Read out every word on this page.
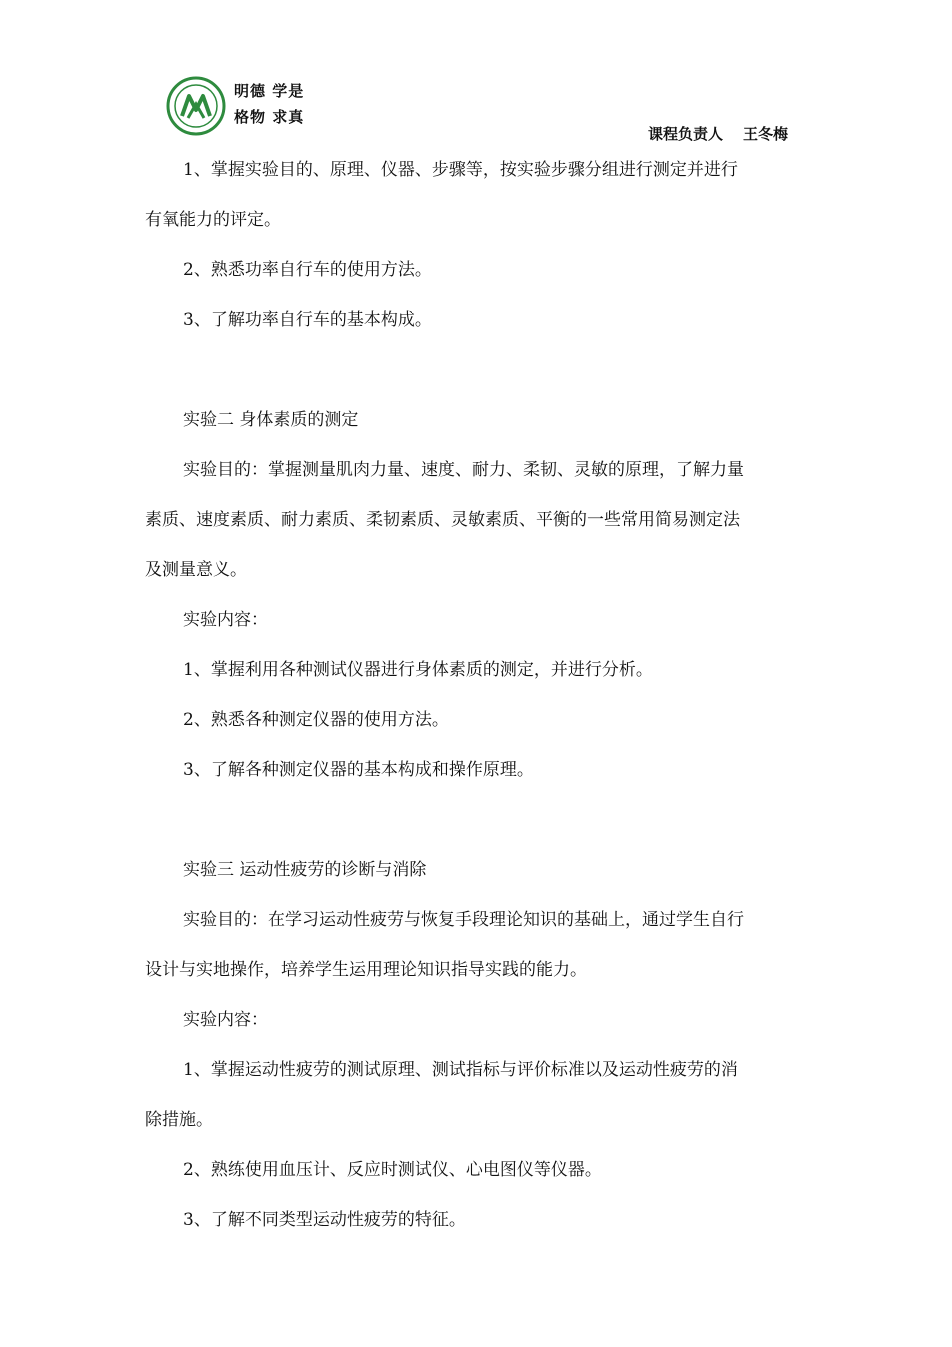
明德 学是
格物 求真
课程负责人 王冬梅
1、掌握实验目的、原理、仪器、步骤等，按实验步骤分组进行测定并进行
有氧能力的评定。
2、熟悉功率自行车的使用方法。
3、了解功率自行车的基本构成。
实验二 身体素质的测定
实验目的：掌握测量肌肉力量、速度、耐力、柔韧、灵敏的原理，了解力量
素质、速度素质、耐力素质、柔韧素质、灵敏素质、平衡的一些常用简易测定法
及测量意义。
实验内容：
1、掌握利用各种测试仪器进行身体素质的测定，并进行分析。
2、熟悉各种测定仪器的使用方法。
3、了解各种测定仪器的基本构成和操作原理。
实验三 运动性疲劳的诊断与消除
实验目的：在学习运动性疲劳与恢复手段理论知识的基础上，通过学生自行
设计与实地操作，培养学生运用理论知识指导实践的能力。
实验内容：
1、掌握运动性疲劳的测试原理、测试指标与评价标准以及运动性疲劳的消
除措施。
2、熟练使用血压计、反应时测试仪、心电图仪等仪器。
3、了解不同类型运动性疲劳的特征。
